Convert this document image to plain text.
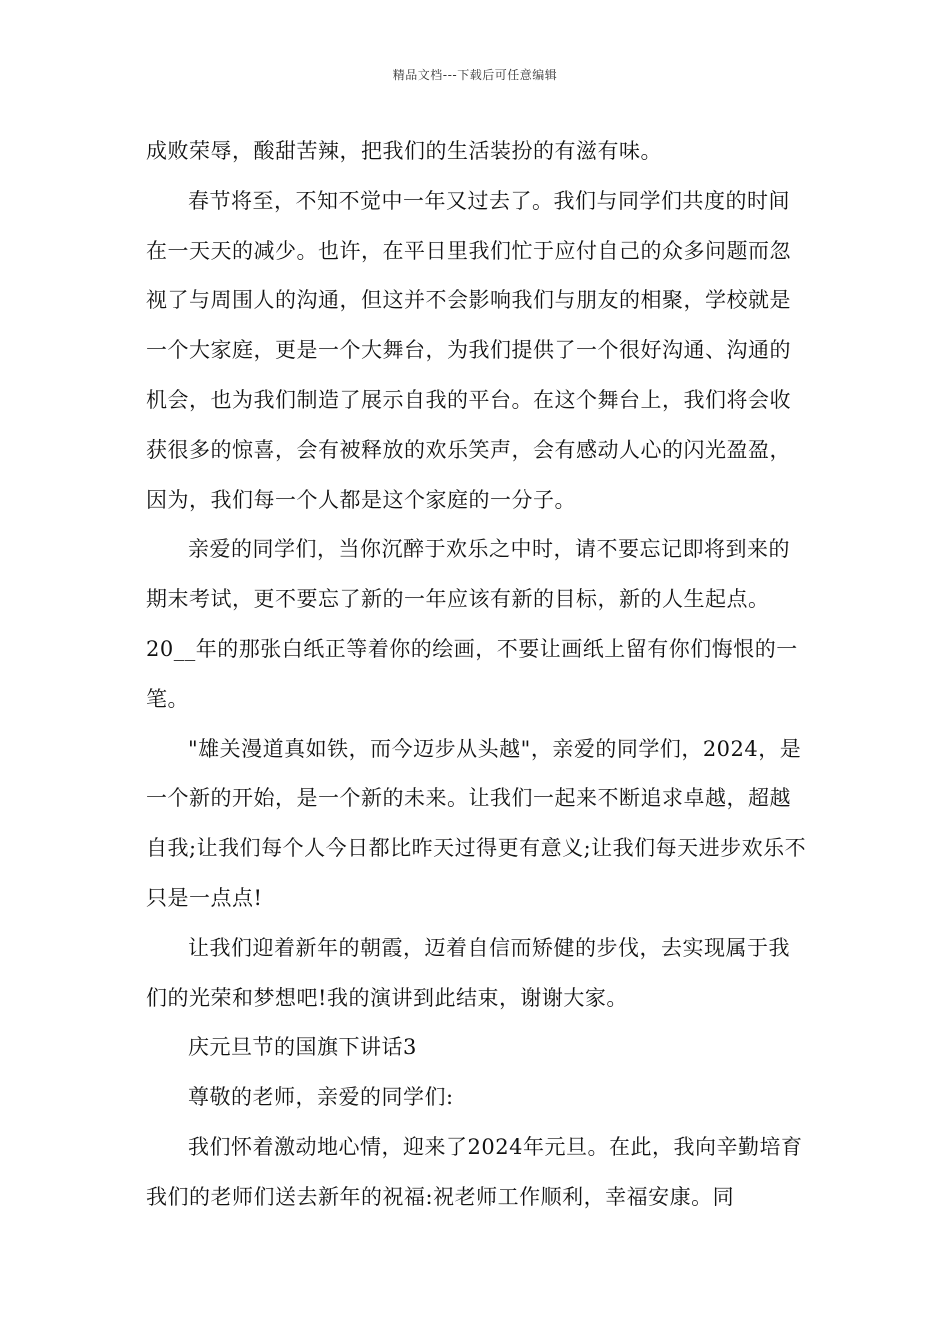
精品文档---下载后可任意编辑

成败荣辱，酸甜苦辣，把我们的生活装扮的有滋有味。

春节将至，不知不觉中一年又过去了。我们与同学们共度的时间在一天天的减少。也许，在平日里我们忙于应付自己的众多问题而忽视了与周围人的沟通，但这并不会影响我们与朋友的相聚，学校就是一个大家庭，更是一个大舞台，为我们提供了一个很好沟通、沟通的机会，也为我们制造了展示自我的平台。在这个舞台上，我们将会收获很多的惊喜，会有被释放的欢乐笑声，会有感动人心的闪光盈盈，因为，我们每一个人都是这个家庭的一分子。

亲爱的同学们，当你沉醉于欢乐之中时，请不要忘记即将到来的期末考试，更不要忘了新的一年应该有新的目标，新的人生起点。20__年的那张白纸正等着你的绘画，不要让画纸上留有你们悔恨的一笔。

"雄关漫道真如铁，而今迈步从头越"，亲爱的同学们，2024，是一个新的开始，是一个新的未来。让我们一起来不断追求卓越，超越自我;让我们每个人今日都比昨天过得更有意义;让我们每天进步欢乐不只是一点点!

让我们迎着新年的朝霞，迈着自信而矫健的步伐，去实现属于我们的光荣和梦想吧!我的演讲到此结束，谢谢大家。

庆元旦节的国旗下讲话3

尊敬的老师，亲爱的同学们:

我们怀着激动地心情，迎来了2024年元旦。在此，我向辛勤培育我们的老师们送去新年的祝福:祝老师工作顺利，幸福安康。同
